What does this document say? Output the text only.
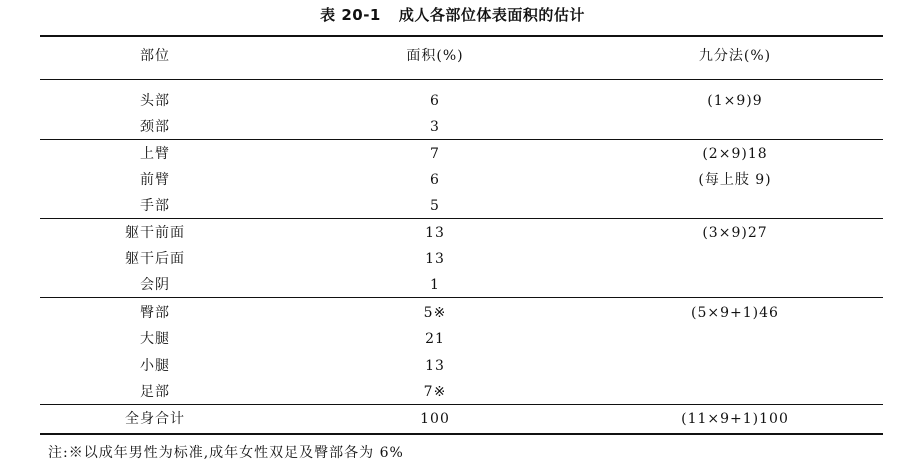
表 20-1 成人各部位体表面积的估计
部位	面积(%)	九分法(%)
头部	6	(1×9)9
颈部	3
上臂	7	(2×9)18
前臂	6	(每上肢 9)
手部	5
躯干前面	13	(3×9)27
躯干后面	13
会阴	1
臀部	5※	(5×9+1)46
大腿	21
小腿	13
足部	7※
全身合计	100	(11×9+1)100
注:※以成年男性为标准,成年女性双足及臀部各为 6%
